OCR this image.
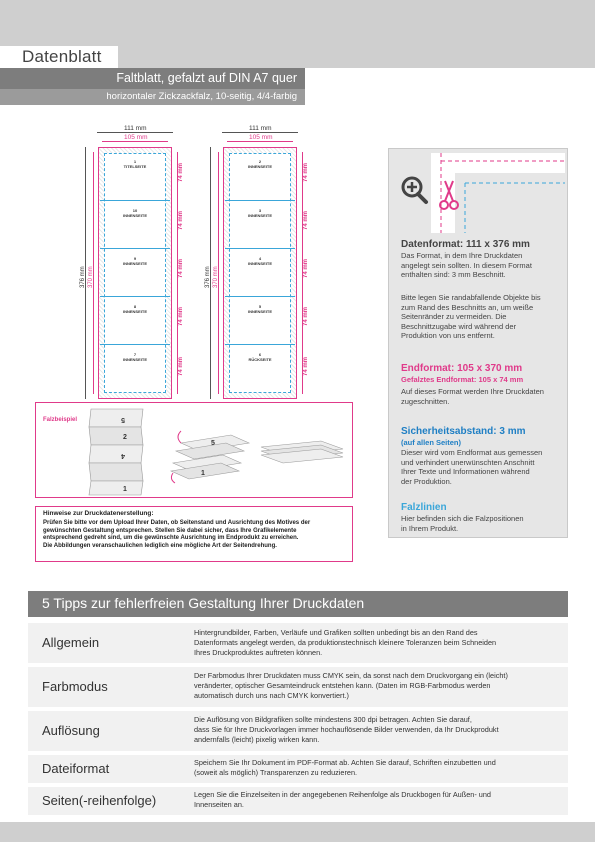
Datenblatt
Faltblatt, gefalzt auf DIN A7 quer
horizontaler Zickzackfalz, 10-seitig, 4/4-farbig
111 mm
105 mm
376 mm 370 mm
1
TITELSEITE
10
INNENSEITE
9
INNENSEITE
8
INNENSEITE
7
INNENSEITE
74 mm
74 mm
74 mm
74 mm
74 mm
111 mm
105 mm
376 mm 370 mm
2
INNENSEITE
3
INNENSEITE
4
INNENSEITE
5
INNENSEITE
6
RÜCKSEITE
74 mm
74 mm
74 mm
74 mm
74 mm
Datenformat: 111 x 376 mm
Das Format, in dem Ihre Druckdaten
angelegt sein sollten. In diesem Format
enthalten sind: 3 mm Beschnitt.
Bitte legen Sie randabfallende Objekte bis
zum Rand des Beschnitts an, um weiße
Seitenränder zu vermeiden. Die
Beschnittzugabe wird während der
Produktion von uns entfernt.
Endformat: 105 x 370 mm
Gefalztes Endformat: 105 x 74 mm
Auf dieses Format werden Ihre Druckdaten
zugeschnitten.
Sicherheitsabstand: 3 mm
(auf allen Seiten)
Dieser wird vom Endformat aus gemessen
und verhindert unerwünschten Anschnitt
Ihrer Texte und Informationen während
der Produktion.
Falzlinien
Hier befinden sich die Falzpositionen
in Ihrem Produkt.
Falzbeispiel	5
2
4
1
5
1
Hinweise zur Druckdatenerstellung:
Prüfen Sie bitte vor dem Upload Ihrer Daten, ob Seitenstand und Ausrichtung des Motives der
gewünschten Gestaltung entsprechen. Stellen Sie dabei sicher, dass Ihre Grafikelemente
entsprechend gedreht sind, um die gewünschte Ausrichtung im Endprodukt zu erreichen.
Die Abbildungen veranschaulichen lediglich eine mögliche Art der Seitendrehung.
5 Tipps zur fehlerfreien Gestaltung Ihrer Druckdaten
Allgemein
Hintergrundbilder, Farben, Verläufe und Grafiken sollten unbedingt bis an den Rand des
Datenformats angelegt werden, da produktionstechnisch kleinere Toleranzen beim Schneiden
Ihres Druckproduktes auftreten können.
Farbmodus
Der Farbmodus Ihrer Druckdaten muss CMYK sein, da sonst nach dem Druckvorgang ein (leicht)
veränderter, optischer Gesamteindruck entstehen kann. (Daten im RGB-Farbmodus werden
automatisch durch uns nach CMYK konvertiert.)
Auflösung
Die Auflösung von Bildgrafiken sollte mindestens 300 dpi betragen. Achten Sie darauf,
dass Sie für Ihre Druckvorlagen immer hochauflösende Bilder verwenden, da Ihr Druckprodukt
andernfalls (leicht) pixelig wirken kann.
Dateiformat	Speichern Sie Ihr Dokument im PDF-Format ab. Achten Sie darauf, Schriften einzubetten und
(soweit als möglich) Transparenzen zu reduzieren.
Seiten(-reihenfolge)	Legen Sie die Einzelseiten in der angegebenen Reihenfolge als Druckbogen für Außen- und
Innenseiten an.
